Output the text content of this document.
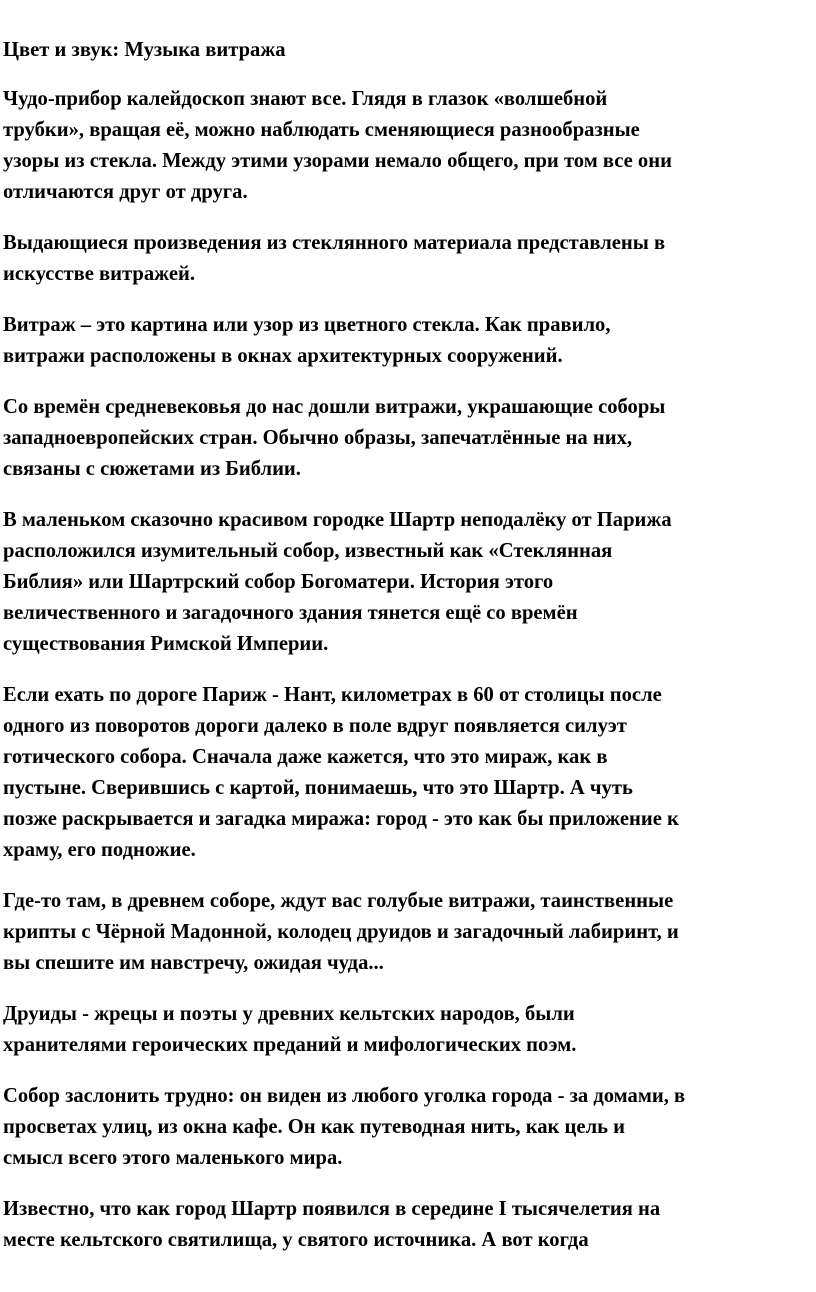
Цвет и звук: Музыка витража

Чудо-прибор калейдоскоп знают все. Глядя в глазок «волшебной
трубки», вращая её, можно наблюдать сменяющиеся разнообразные
узоры из стекла. Между этими узорами немало общего, при том все они
отличаются друг от друга.

Выдающиеся произведения из стеклянного материала представлены в
искусстве витражей.

Витраж – это картина или узор из цветного стекла. Как правило,
витражи расположены в окнах архитектурных сооружений.

Со времён средневековья до нас дошли витражи, украшающие соборы
западноевропейских стран. Обычно образы, запечатлённые на них,
связаны с сюжетами из Библии.

В маленьком сказочно красивом городке Шартр неподалёку от Парижа
расположился изумительный собор, известный как «Стеклянная
Библия» или Шартрский собор Богоматери. История этого
величественного и загадочного здания тянется ещё со времён
существования Римской Империи.

Если ехать по дороге Париж - Нант, километрах в 60 от столицы после
одного из поворотов дороги далеко в поле вдруг появляется силуэт
готического собора. Сначала даже кажется, что это мираж, как в
пустыне. Сверившись с картой, понимаешь, что это Шартр. А чуть
позже раскрывается и загадка миража: город - это как бы приложение к
храму, его подножие.

Где-то там, в древнем соборе, ждут вас голубые витражи, таинственные
крипты с Чёрной Мадонной, колодец друидов и загадочный лабиринт, и
вы спешите им навстречу, ожидая чуда...

Друиды - жрецы и поэты у древних кельтских народов, были
хранителями героических преданий и мифологических поэм.

Собор заслонить трудно: он виден из любого уголка города - за домами, в
просветах улиц, из окна кафе. Он как путеводная нить, как цель и
смысл всего этого маленького мира.

Известно, что как город Шартр появился в середине I тысячелетия на
месте кельтского святилища, у святого источника. А вот когда
